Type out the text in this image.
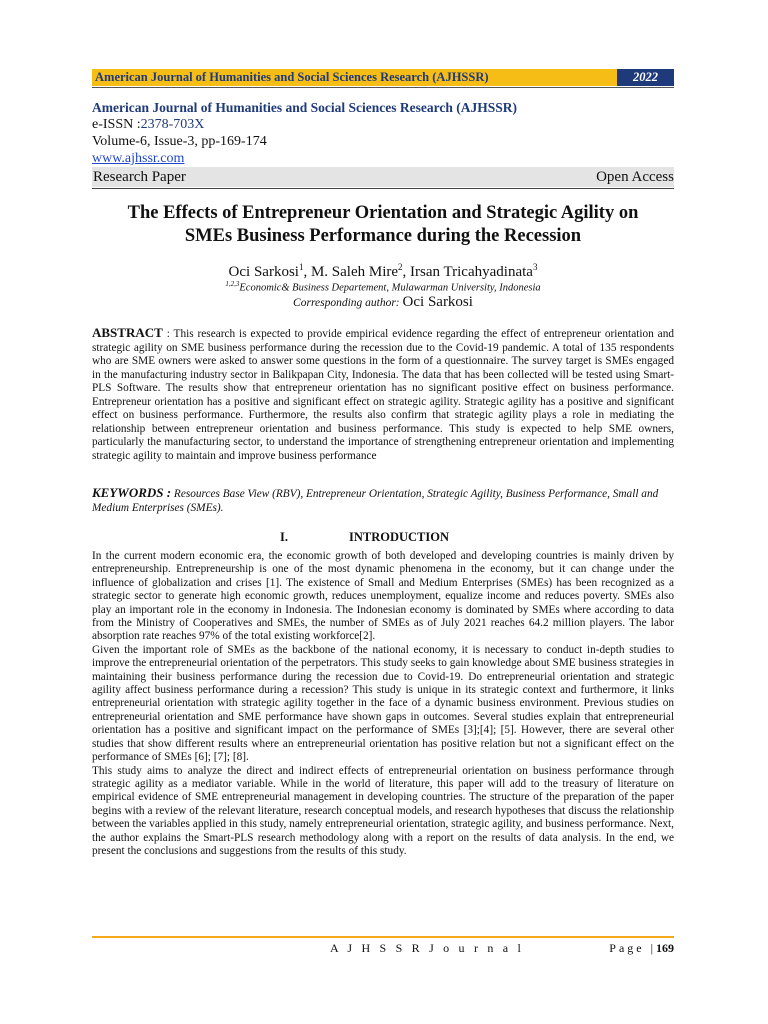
American Journal of Humanities and Social Sciences Research (AJHSSR)	2022
American Journal of Humanities and Social Sciences Research (AJHSSR)
e-ISSN :2378-703X
Volume-6, Issue-3, pp-169-174
www.ajhssr.com
Research Paper	Open Access
The Effects of Entrepreneur Orientation and Strategic Agility on
SMEs Business Performance during the Recession
Oci Sarkosi$^1$, M. Saleh Mire$^2$, Irsan Tricahyadinata$^3$
$^{1,2,3}$Economic& Business Departement, Mulawarman University, Indonesia
Corresponding author: Oci Sarkosi
ABSTRACT : This research is expected to provide empirical evidence regarding the effect of entrepreneur orientation and strategic agility on SME business performance during the recession due to the Covid-19 pandemic. A total of 135 respondents who are SME owners were asked to answer some questions in the form of a questionnaire. The survey target is SMEs engaged in the manufacturing industry sector in Balikpapan City, Indonesia. The data that has been collected will be tested using Smart-PLS Software. The results show that entrepreneur orientation has no significant positive effect on business performance. Entrepreneur orientation has a positive and significant effect on strategic agility. Strategic agility has a positive and significant effect on business performance. Furthermore, the results also confirm that strategic agility plays a role in mediating the relationship between entrepreneur orientation and business performance. This study is expected to help SME owners, particularly the manufacturing sector, to understand the importance of strengthening entrepreneur orientation and implementing strategic agility to maintain and improve business performance
KEYWORDS : Resources Base View (RBV), Entrepreneur Orientation, Strategic Agility, Business Performance, Small and Medium Enterprises (SMEs).
I.	INTRODUCTION

In the current modern economic era, the economic growth of both developed and developing countries is mainly driven by entrepreneurship. Entrepreneurship is one of the most dynamic phenomena in the economy, but it can change under the influence of globalization and crises [1]. The existence of Small and Medium Enterprises (SMEs) has been recognized as a strategic sector to generate high economic growth, reduces unemployment, equalize income and reduces poverty. SMEs also play an important role in the economy in Indonesia. The Indonesian economy is dominated by SMEs where according to data from the Ministry of Cooperatives and SMEs, the number of SMEs as of July 2021 reaches 64.2 million players. The labor absorption rate reaches 97% of the total existing workforce[2].

Given the important role of SMEs as the backbone of the national economy, it is necessary to conduct in-depth studies to improve the entrepreneurial orientation of the perpetrators. This study seeks to gain knowledge about SME business strategies in maintaining their business performance during the recession due to Covid-19. Do entrepreneurial orientation and strategic agility affect business performance during a recession? This study is unique in its strategic context and furthermore, it links entrepreneurial orientation with strategic agility together in the face of a dynamic business environment. Previous studies on entrepreneurial orientation and SME performance have shown gaps in outcomes. Several studies explain that entrepreneurial orientation has a positive and significant impact on the performance of SMEs [3];[4]; [5]. However, there are several other studies that show different results where an entrepreneurial orientation has positive relation but not a significant effect on the performance of SMEs [6]; [7]; [8].

This study aims to analyze the direct and indirect effects of entrepreneurial orientation on business performance through strategic agility as a mediator variable. While in the world of literature, this paper will add to the treasury of literature on empirical evidence of SME entrepreneurial management in developing countries. The structure of the preparation of the paper begins with a review of the relevant literature, research conceptual models, and research hypotheses that discuss the relationship between the variables applied in this study, namely entrepreneurial orientation, strategic agility, and business performance. Next, the author explains the Smart-PLS research methodology along with a report on the results of data analysis. In the end, we present the conclusions and suggestions from the results of this study.

A J H S S R J o u r n a l	Page |169
